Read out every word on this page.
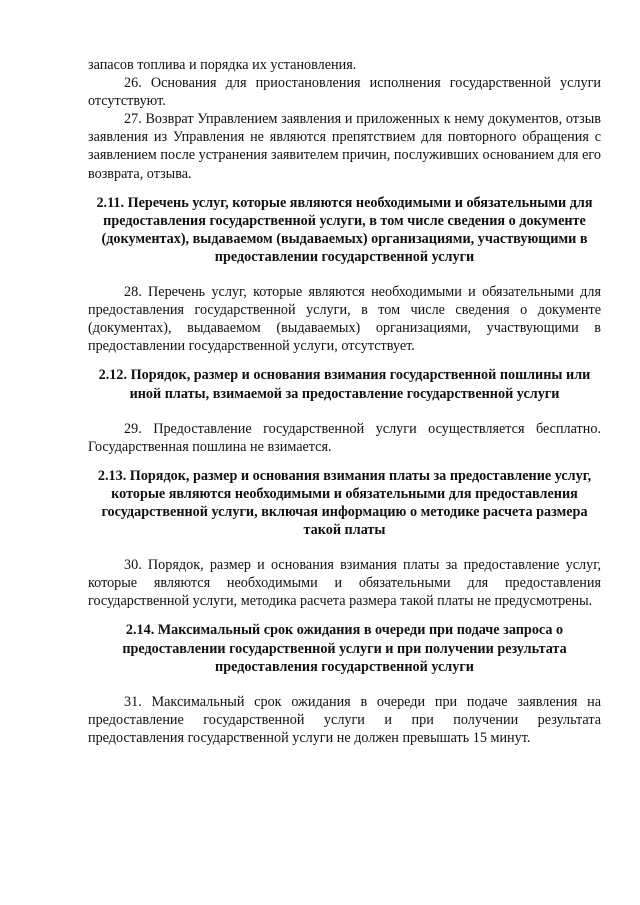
запасов топлива и порядка их установления.

26. Основания для приостановления исполнения государственной услуги отсутствуют.

27. Возврат Управлением заявления и приложенных к нему документов, отзыв заявления из Управления не являются препятствием для повторного обращения с заявлением после устранения заявителем причин, послуживших основанием для его возврата, отзыва.

2.11. Перечень услуг, которые являются необходимыми и обязательными для предоставления государственной услуги, в том числе сведения о документе (документах), выдаваемом (выдаваемых) организациями, участвующими в предоставлении государственной услуги

28. Перечень услуг, которые являются необходимыми и обязательными для предоставления государственной услуги, в том числе сведения о документе (документах), выдаваемом (выдаваемых) организациями, участвующими в предоставлении государственной услуги, отсутствует.

2.12. Порядок, размер и основания взимания государственной пошлины или иной платы, взимаемой за предоставление государственной услуги

29. Предоставление государственной услуги осуществляется бесплатно. Государственная пошлина не взимается.

2.13. Порядок, размер и основания взимания платы за предоставление услуг, которые являются необходимыми и обязательными для предоставления государственной услуги, включая информацию о методике расчета размера такой платы

30. Порядок, размер и основания взимания платы за предоставление услуг, которые являются необходимыми и обязательными для предоставления государственной услуги, методика расчета размера такой платы не предусмотрены.

2.14. Максимальный срок ожидания в очереди при подаче запроса о предоставлении государственной услуги и при получении результата предоставления государственной услуги

31. Максимальный срок ожидания в очереди при подаче заявления на предоставление государственной услуги и при получении результата предоставления государственной услуги не должен превышать 15 минут.
